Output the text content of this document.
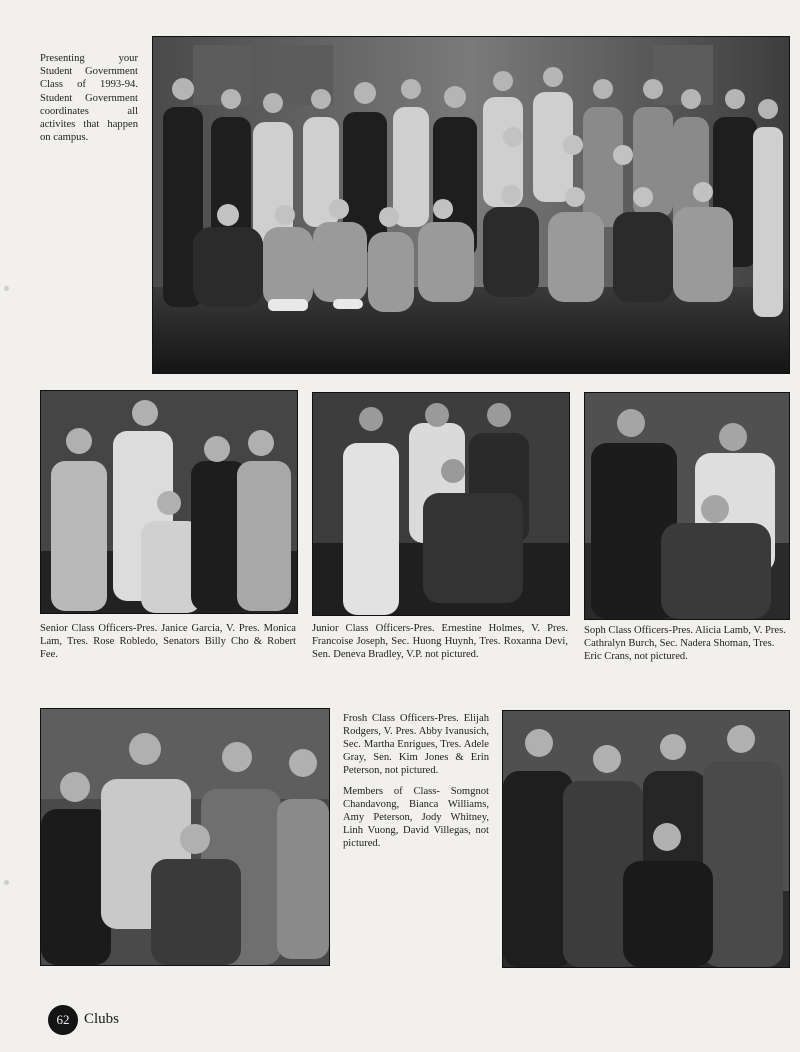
Presenting your Student Government Class of 1993-94. Student Government coordinates all activites that happen on campus.

Senior Class Officers-Pres. Janice Garcia, V. Pres. Monica Lam, Tres. Rose Robledo, Senators Billy Cho & Robert Fee.

Junior Class Officers-Pres. Ernestine Holmes, V. Pres. Francoise Joseph, Sec. Huong Huynh, Tres. Roxanna Devi, Sen. Deneva Bradley, V.P. not pictured.

Soph Class Officers-Pres. Alicia Lamb, V. Pres. Cathralyn Burch, Sec. Nadera Shoman, Tres. Eric Crans, not pictured.

Frosh Class Officers-Pres. Elijah Rodgers, V. Pres. Abby Ivanusich, Sec. Martha Enrigues, Tres. Adele Gray, Sen. Kim Jones & Erin Peterson, not pictured.

Members of Class- Somgnot Chandavong, Bianca Williams, Amy Peterson, Jody Whitney, Linh Vuong, David Villegas, not pictured.

62 Clubs
